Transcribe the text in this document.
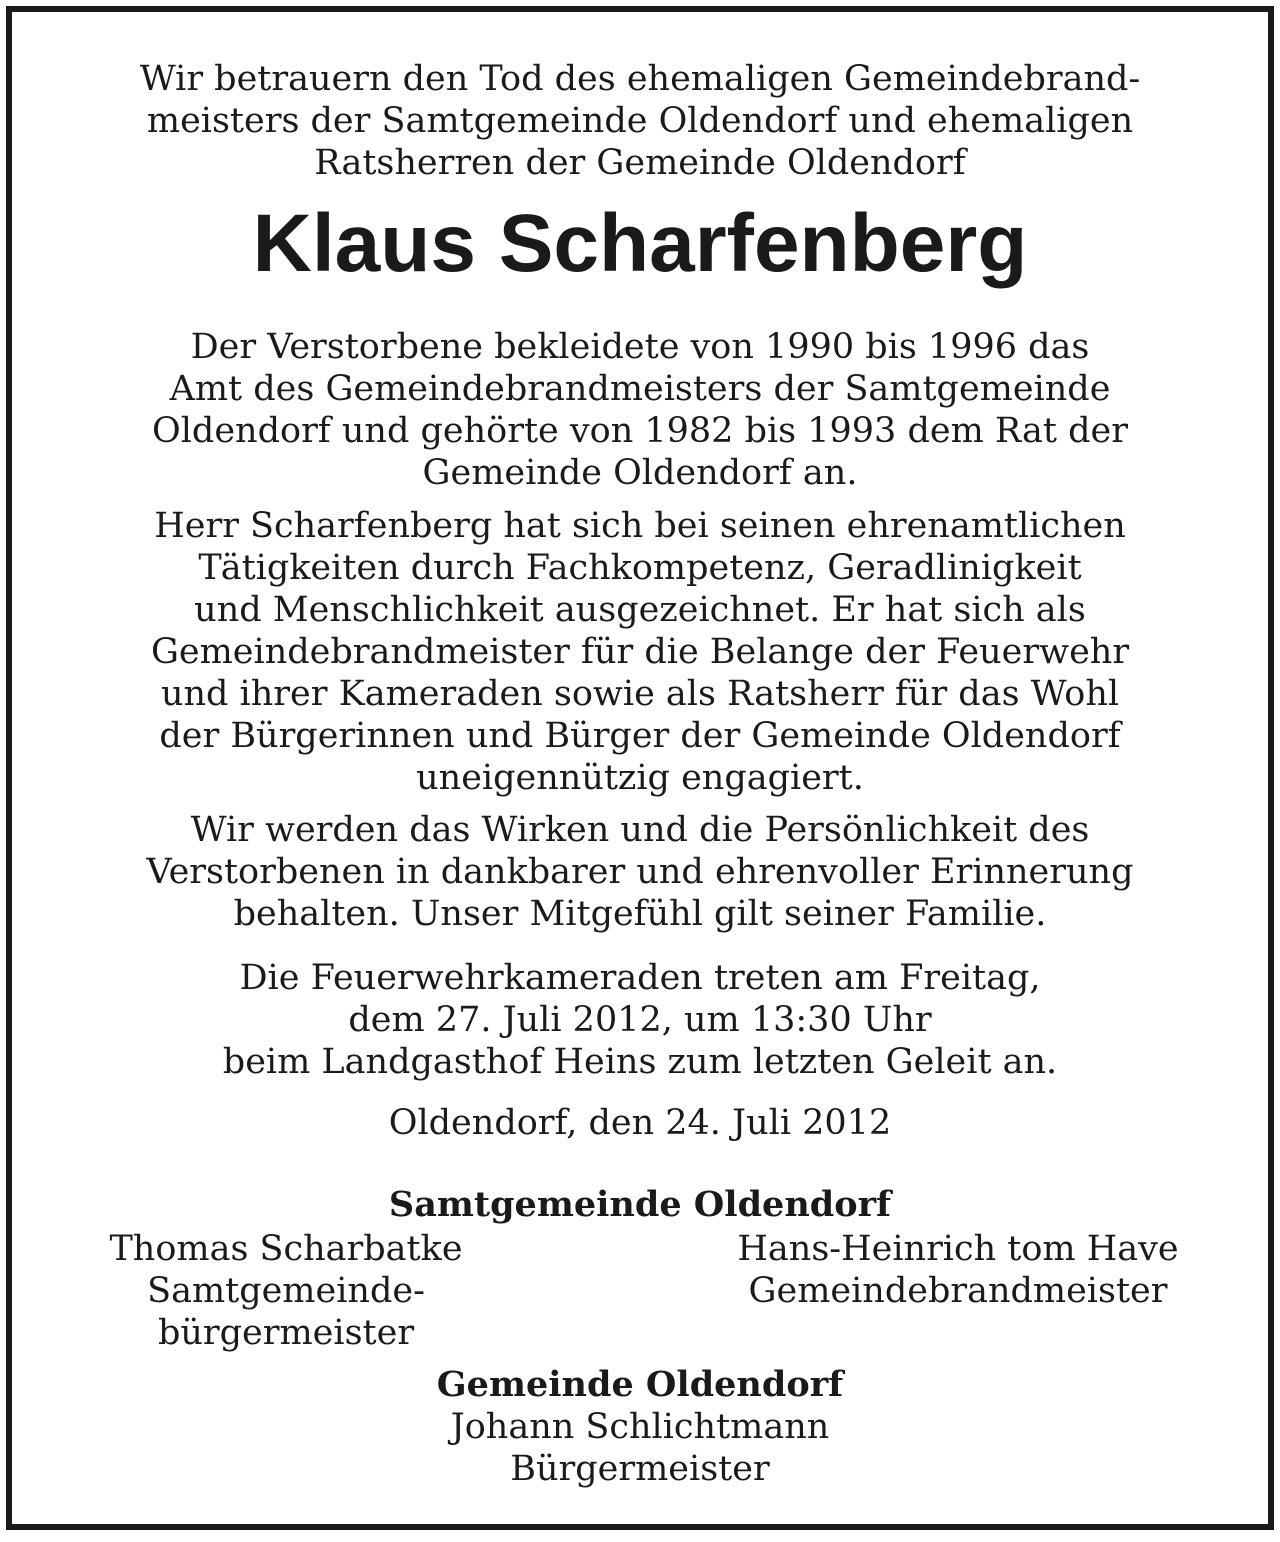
Wir betrauern den Tod des ehemaligen Gemeindebrand-
meisters der Samtgemeinde Oldendorf und ehemaligen
Ratsherren der Gemeinde Oldendorf
Klaus Scharfenberg
Der Verstorbene bekleidete von 1990 bis 1996 das
Amt des Gemeindebrandmeisters der Samtgemeinde
Oldendorf und gehörte von 1982 bis 1993 dem Rat der
Gemeinde Oldendorf an.
Herr Scharfenberg hat sich bei seinen ehrenamtlichen
Tätigkeiten durch Fachkompetenz, Geradlinigkeit
und Menschlichkeit ausgezeichnet. Er hat sich als
Gemeindebrandmeister für die Belange der Feuerwehr
und ihrer Kameraden sowie als Ratsherr für das Wohl
der Bürgerinnen und Bürger der Gemeinde Oldendorf
uneigennützig engagiert.
Wir werden das Wirken und die Persönlichkeit des
Verstorbenen in dankbarer und ehrenvoller Erinnerung
behalten. Unser Mitgefühl gilt seiner Familie.
Die Feuerwehrkameraden treten am Freitag,
dem 27. Juli 2012, um 13:30 Uhr
beim Landgasthof Heins zum letzten Geleit an.
Oldendorf, den 24. Juli 2012
Samtgemeinde Oldendorf
Thomas Scharbatke
Samtgemeinde-
bürgermeister
Hans-Heinrich tom Have
Gemeindebrandmeister
Gemeinde Oldendorf
Johann Schlichtmann
Bürgermeister
